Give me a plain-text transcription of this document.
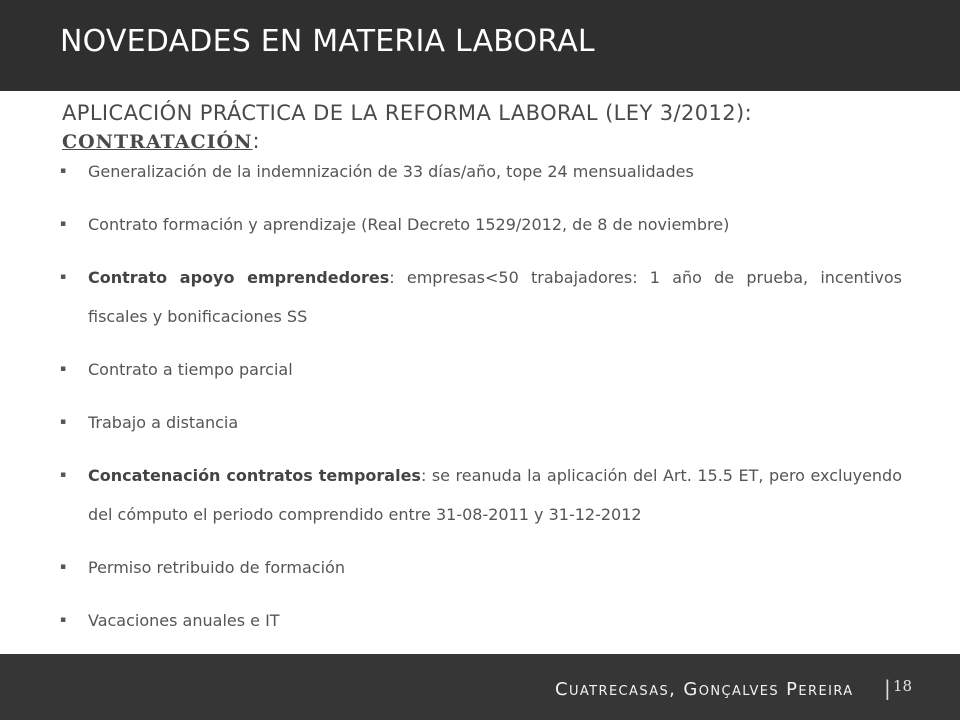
NOVEDADES EN MATERIA LABORAL
APLICACIÓN PRÁCTICA DE LA REFORMA LABORAL (LEY 3/2012): CONTRATACIÓN:
▪ Generalización de la indemnización de 33 días/año, tope 24 mensualidades
▪ Contrato formación y aprendizaje (Real Decreto 1529/2012, de 8 de noviembre)
▪ Contrato apoyo emprendedores: empresas<50 trabajadores: 1 año de prueba, incentivos fiscales y bonificaciones SS
▪ Contrato a tiempo parcial
▪ Trabajo a distancia
▪ Concatenación contratos temporales: se reanuda la aplicación del Art. 15.5 ET, pero excluyendo del cómputo el periodo comprendido entre 31-08-2011 y 31-12-2012
▪ Permiso retribuido de formación
▪ Vacaciones anuales e IT
Cuatrecasas, Gonçalves Pereira | 18
